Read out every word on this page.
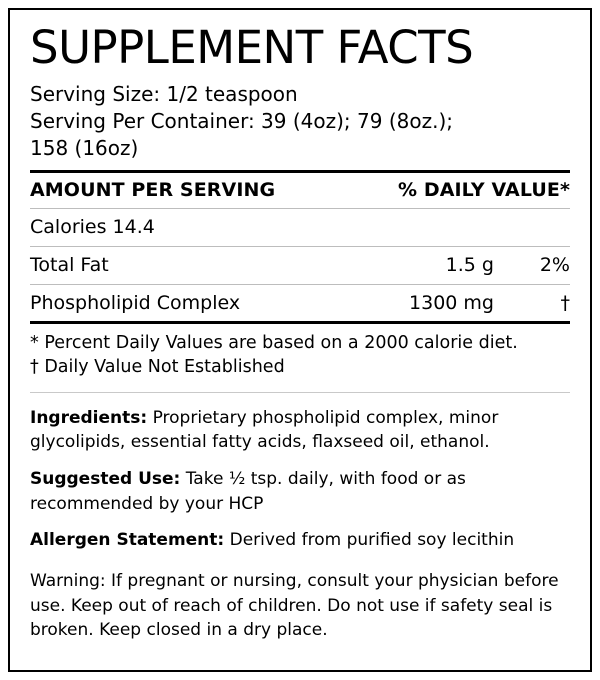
SUPPLEMENT FACTS
Serving Size: 1/2 teaspoon
Serving Per Container: 39 (4oz); 79 (8oz.);
158 (16oz)
AMOUNT PER SERVING	% DAILY VALUE*
Calories 14.4
Total Fat	1.5 g	2%
Phospholipid Complex	1300 mg	†
* Percent Daily Values are based on a 2000 calorie diet.
† Daily Value Not Established

Ingredients: Proprietary phospholipid complex, minor glycolipids, essential fatty acids, flaxseed oil, ethanol.

Suggested Use: Take ½ tsp. daily, with food or as recommended by your HCP

Allergen Statement: Derived from purified soy lecithin

Warning: If pregnant or nursing, consult your physician before use. Keep out of reach of children. Do not use if safety seal is broken. Keep closed in a dry place.
